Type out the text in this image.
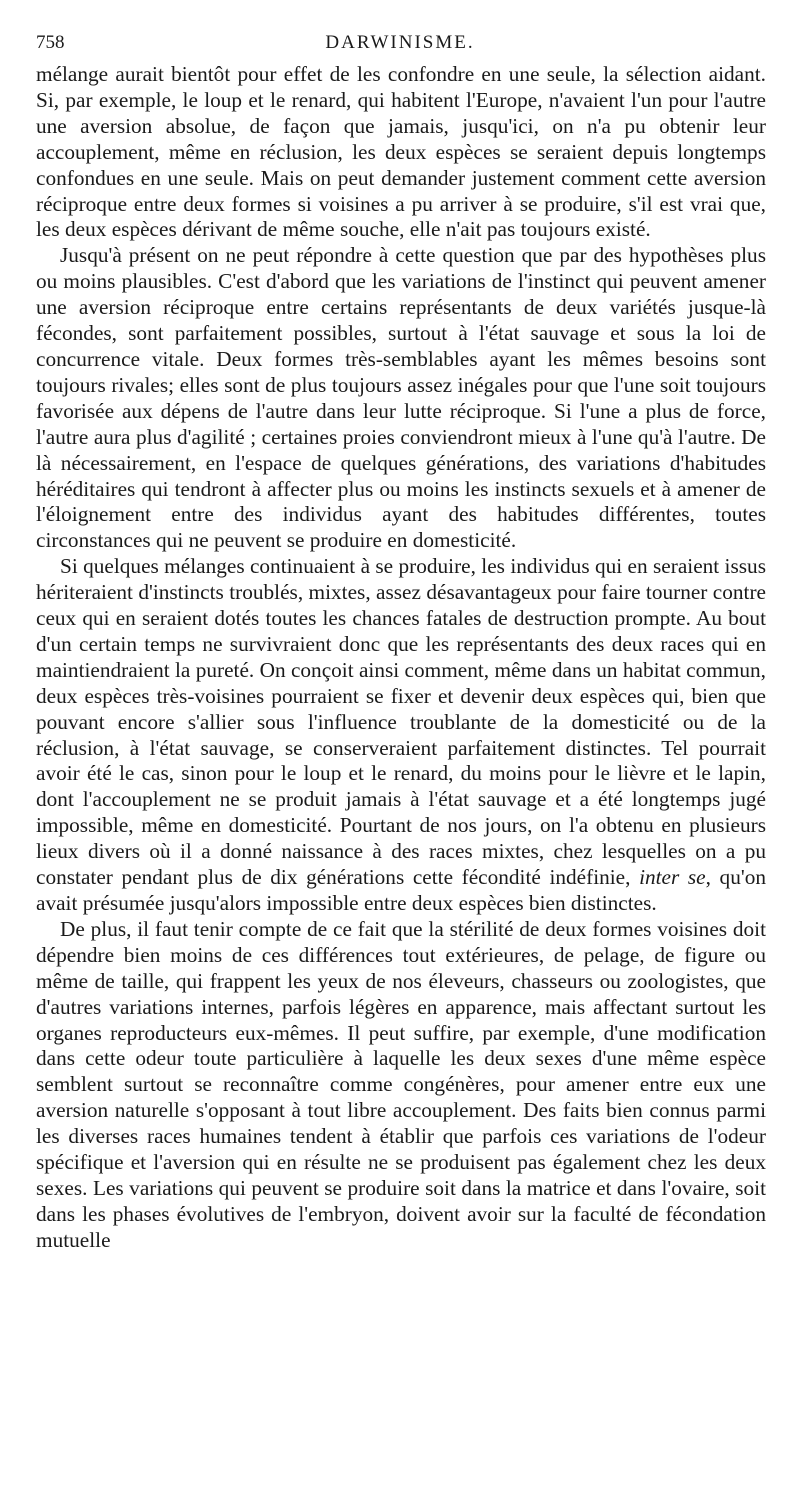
758	DARWINISME.

mélange aurait bientôt pour effet de les confondre en une seule, la sélection aidant. Si, par exemple, le loup et le renard, qui habitent l'Europe, n'avaient l'un pour l'autre une aversion absolue, de façon que jamais, jusqu'ici, on n'a pu obtenir leur accouplement, même en réclusion, les deux espèces se seraient depuis longtemps confondues en une seule. Mais on peut demander justement comment cette aversion réciproque entre deux formes si voisines a pu arriver à se produire, s'il est vrai que, les deux espèces dérivant de même souche, elle n'ait pas toujours existé.

Jusqu'à présent on ne peut répondre à cette question que par des hypothèses plus ou moins plausibles. C'est d'abord que les variations de l'instinct qui peuvent amener une aversion réciproque entre certains représentants de deux variétés jusque-là fécondes, sont parfaitement possibles, surtout à l'état sauvage et sous la loi de concurrence vitale. Deux formes très-semblables ayant les mêmes besoins sont toujours rivales; elles sont de plus toujours assez inégales pour que l'une soit toujours favorisée aux dépens de l'autre dans leur lutte réciproque. Si l'une a plus de force, l'autre aura plus d'agilité ; certaines proies conviendront mieux à l'une qu'à l'autre. De là nécessairement, en l'espace de quelques générations, des variations d'habitudes héréditaires qui tendront à affecter plus ou moins les instincts sexuels et à amener de l'éloignement entre des individus ayant des habitudes différentes, toutes circonstances qui ne peuvent se produire en domesticité.

Si quelques mélanges continuaient à se produire, les individus qui en seraient issus hériteraient d'instincts troublés, mixtes, assez désavantageux pour faire tourner contre ceux qui en seraient dotés toutes les chances fatales de destruction prompte. Au bout d'un certain temps ne survivraient donc que les représentants des deux races qui en maintiendraient la pureté. On conçoit ainsi comment, même dans un habitat commun, deux espèces très-voisines pourraient se fixer et devenir deux espèces qui, bien que pouvant encore s'allier sous l'influence troublante de la domesticité ou de la réclusion, à l'état sauvage, se conserveraient parfaitement distinctes. Tel pourrait avoir été le cas, sinon pour le loup et le renard, du moins pour le lièvre et le lapin, dont l'accouplement ne se produit jamais à l'état sauvage et a été longtemps jugé impossible, même en domesticité. Pourtant de nos jours, on l'a obtenu en plusieurs lieux divers où il a donné naissance à des races mixtes, chez lesquelles on a pu constater pendant plus de dix générations cette fécondité indéfinie, inter se, qu'on avait présumée jusqu'alors impossible entre deux espèces bien distinctes.

De plus, il faut tenir compte de ce fait que la stérilité de deux formes voisines doit dépendre bien moins de ces différences tout extérieures, de pelage, de figure ou même de taille, qui frappent les yeux de nos éleveurs, chasseurs ou zoologistes, que d'autres variations internes, parfois légères en apparence, mais affectant surtout les organes reproducteurs eux-mêmes. Il peut suffire, par exemple, d'une modification dans cette odeur toute particulière à laquelle les deux sexes d'une même espèce semblent surtout se reconnaître comme congénères, pour amener entre eux une aversion naturelle s'opposant à tout libre accouplement. Des faits bien connus parmi les diverses races humaines tendent à établir que parfois ces variations de l'odeur spécifique et l'aversion qui en résulte ne se produisent pas également chez les deux sexes. Les variations qui peuvent se produire soit dans la matrice et dans l'ovaire, soit dans les phases évolutives de l'embryon, doivent avoir sur la faculté de fécondation mutuelle
